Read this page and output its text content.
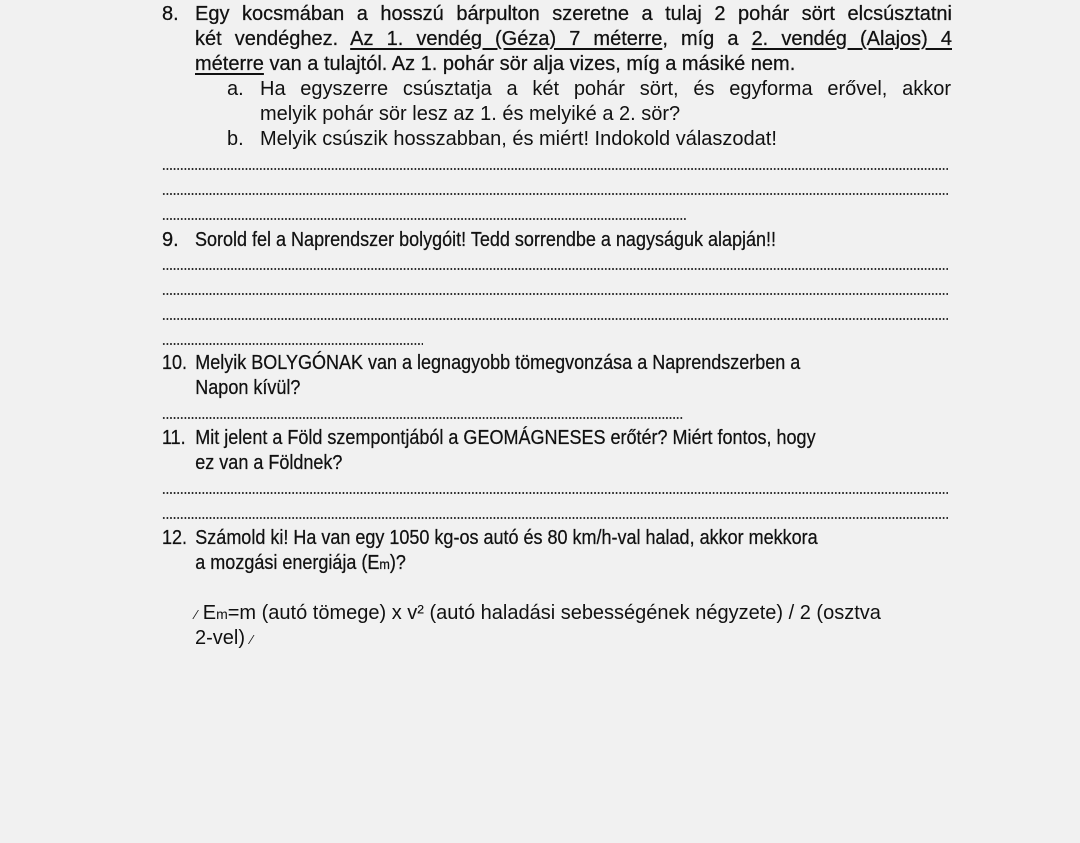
8. Egy kocsmában a hosszú bárpulton szeretne a tulaj 2 pohár sört elcsúsztatni
két vendéghez. Az 1. vendég (Géza) 7 méterre, míg a 2. vendég (Alajos) 4
méterre van a tulajtól. Az 1. pohár sör alja vizes, míg a másiké nem.
a. Ha egyszerre csúsztatja a két pohár sört, és egyforma erővel, akkor
melyik pohár sör lesz az 1. és melyiké a 2. sör?
b. Melyik csúszik hosszabban, és miért! Indokold válaszodat!
9. Sorold fel a Naprendszer bolygóit! Tedd sorrendbe a nagyságuk alapján!!
10. Melyik BOLYGÓNAK van a legnagyobb tömegvonzása a Naprendszerben a
Napon kívül?
11. Mit jelent a Föld szempontjából a GEOMÁGNESES erőtér? Miért fontos, hogy
ez van a Földnek?
12. Számold ki! Ha van egy 1050 kg-os autó és 80 km/h-val halad, akkor mekkora
a mozgási energiája (Em)?
⁄ Em=m (autó tömege) x v² (autó haladási sebességének négyzete) / 2 (osztva
2-vel) ⁄
